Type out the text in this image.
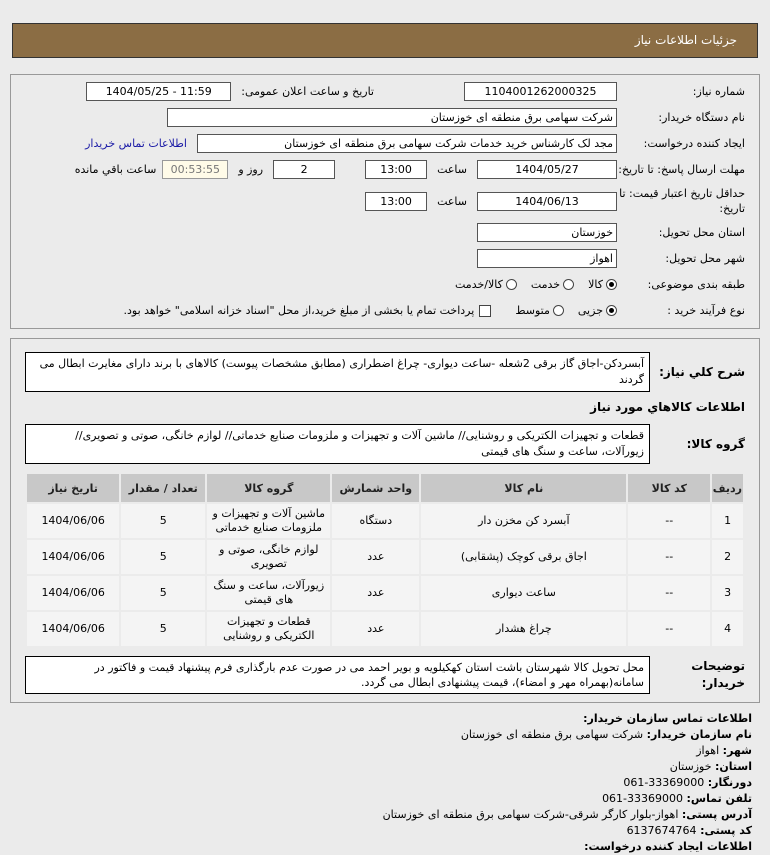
جزئیات اطلاعات نیاز
شماره نیاز:
1104001262000325
تاریخ و ساعت اعلان عمومی:
1404/05/25 - 11:59
نام دستگاه خریدار:
شرکت سهامی برق منطقه ای خوزستان
ایجاد کننده درخواست:
مجد لک کارشناس خرید خدمات شرکت سهامی برق منطقه ای خوزستان
اطلاعات تماس خریدار
مهلت ارسال پاسخ: تا تاریخ:
1404/05/27
ساعت
13:00
2
روز و
00:53:55
ساعت باقي مانده
حداقل تاریخ اعتبار قیمت: تا تاریخ:
1404/06/13
ساعت
13:00
استان محل تحویل:
خوزستان
شهر محل تحویل:
اهواز
طبقه بندی موضوعی:
کالا
خدمت
کالا/خدمت
نوع فرآیند خرید :
جزیی
متوسط
پرداخت تمام یا بخشی از مبلغ خرید،از محل "اسناد خزانه اسلامی" خواهد بود.
شرح کلي نياز:
آبسردکن-اجاق گاز برقی 2شعله -ساعت دیواری- چراغ اضطراری (مطابق مشخصات پیوست) کالاهای با برند دارای مغایرت ابطال می گردند
اطلاعات كالاهاي مورد نياز
گروه کالا:
قطعات و تجهیزات الکتریکی و روشنایی// ماشین آلات و تجهیزات و ملزومات صنایع خدماتی// لوازم خانگی، صوتی و تصویری// زیورآلات، ساعت و سنگ های قیمتی
رديف	کد کالا	نام کالا	واحد شمارش	گروه کالا	تعداد / مقدار	تاریخ نیاز
1	--	آبسرد کن مخزن دار	دستگاه	ماشین آلات و تجهیزات و ملزومات صنایع خدماتی	5	1404/06/06
2	--	اجاق برقی کوچک (پشقابی)	عدد	لوازم خانگی، صوتی و تصویری	5	1404/06/06
3	--	ساعت دیواری	عدد	زیورآلات، ساعت و سنگ های قیمتی	5	1404/06/06
4	--	چراغ هشدار	عدد	قطعات و تجهیزات الکتریکی و روشنایی	5	1404/06/06
توضیحات خریدار:
محل تحویل کالا شهرستان باشت استان کهکیلویه و بویر احمد می در صورت عدم بارگذاری فرم پیشنهاد قیمت و فاکتور در سامانه(بهمراه مهر و امضاء)، قیمت پیشنهادی ابطال می گردد.
اطلاعات تماس سازمان خریدار:
نام سازمان خریدار: شرکت سهامی برق منطقه ای خوزستان
شهر: اهواز
استان: خوزستان
دورنگار: 061-33369000
تلفن تماس: 061-33369000
آدرس پستی: اهواز-بلوار کارگر شرقی-شرکت سهامی برق منطقه ای خوزستان
کد پستی: 6137674764
اطلاعات ایجاد کننده درخواست:
